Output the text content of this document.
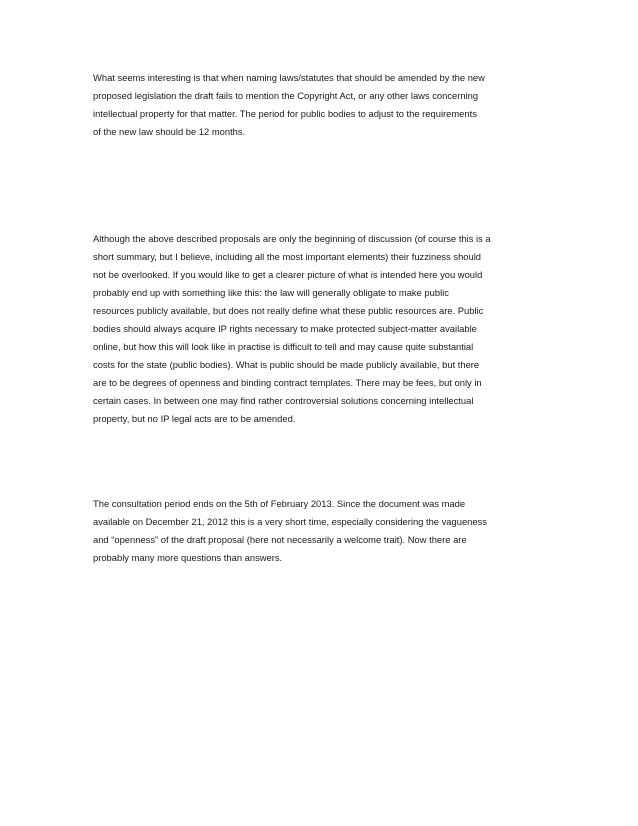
What seems interesting is that when naming laws/statutes that should be amended by the new
proposed legislation the draft fails to mention the Copyright Act, or any other laws concerning
intellectual property for that matter. The period for public bodies to adjust to the requirements
of the new law should be 12 months.

Although the above described proposals are only the beginning of discussion (of course this is a
short summary, but I believe, including all the most important elements) their fuzziness should
not be overlooked. If you would like to get a clearer picture of what is intended here you would
probably end up with something like this: the law will generally obligate to make public
resources publicly available, but does not really define what these public resources are. Public
bodies should always acquire IP rights necessary to make protected subject-matter available
online, but how this will look like in practise is difficult to tell and may cause quite substantial
costs for the state (public bodies). What is public should be made publicly available, but there
are to be degrees of openness and binding contract templates. There may be fees, but only in
certain cases. In between one may find rather controversial solutions concerning intellectual
property, but no IP legal acts are to be amended.

The consultation period ends on the 5th of February 2013. Since the document was made
available on December 21, 2012 this is a very short time, especially considering the vagueness
and “openness” of the draft proposal (here not necessarily a welcome trait). Now there are
probably many more questions than answers.
